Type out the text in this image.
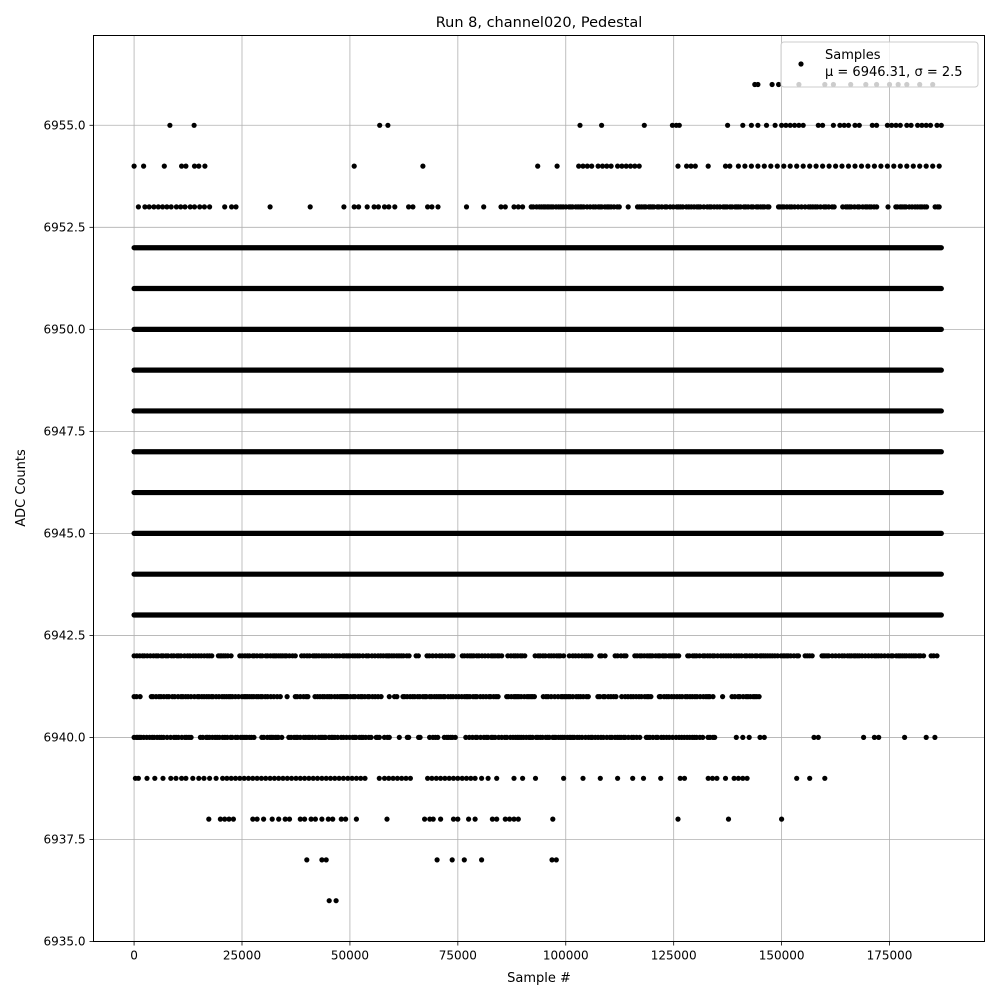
0	25000	50000	75000	100000	125000	150000	175000
6935.0
6937.5
6940.0
6942.5
6945.0
6947.5
6950.0
6952.5
6955.0
Run 8, channel020, Pedestal
Sample #
ADC Counts
Samples
μ = 6946.31, σ = 2.5
